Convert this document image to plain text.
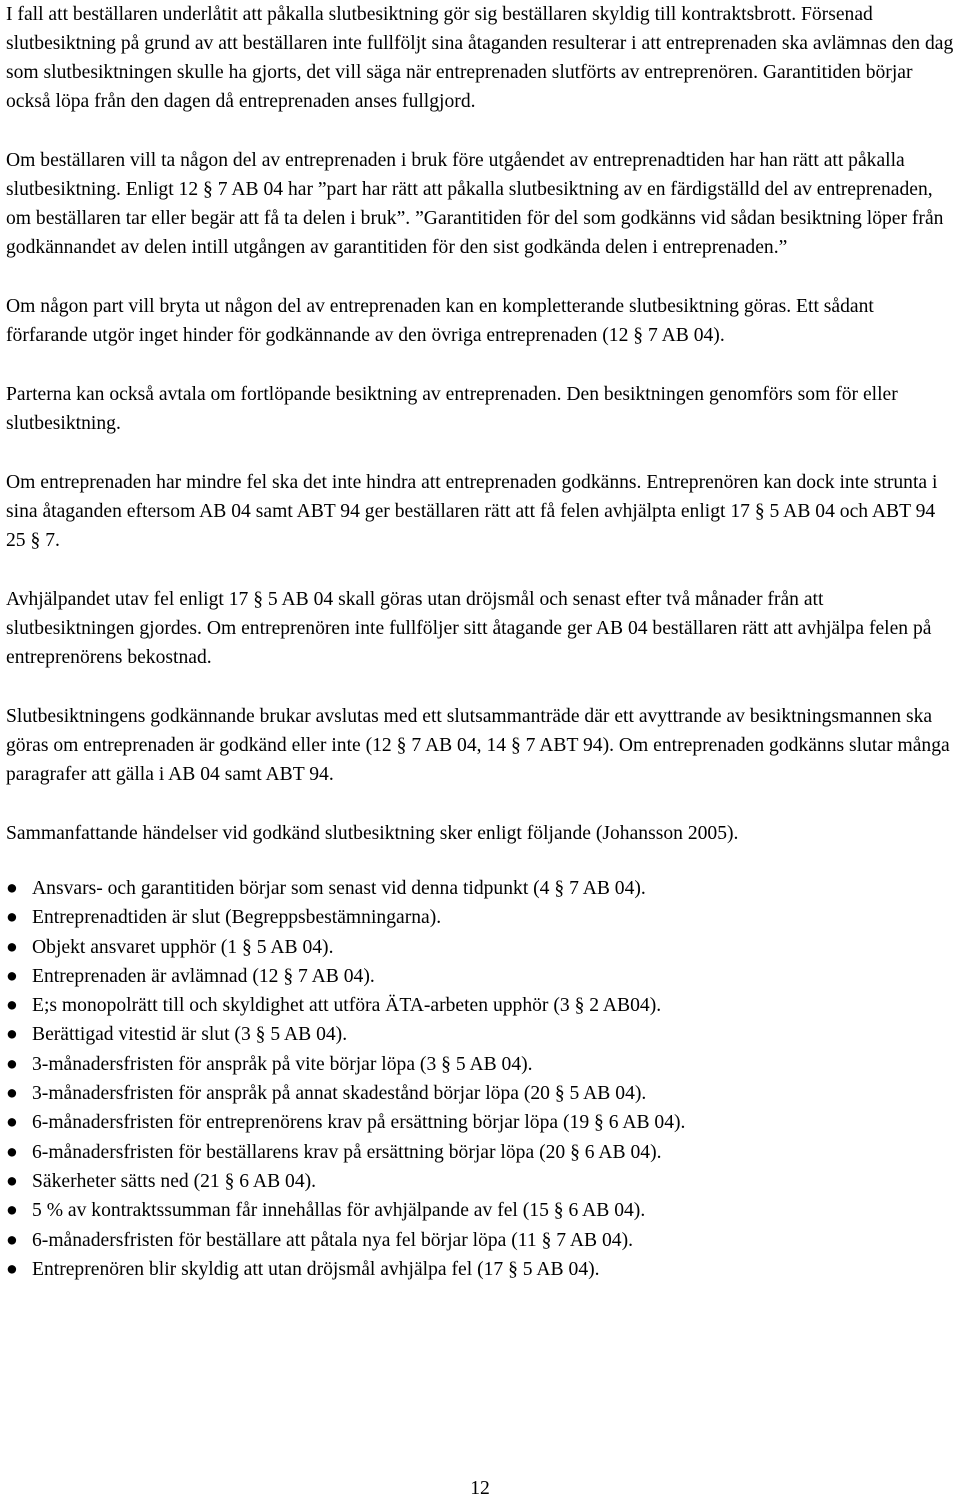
I fall att beställaren underlåtit att påkalla slutbesiktning gör sig beställaren skyldig till kontraktsbrott. Försenad slutbesiktning på grund av att beställaren inte fullföljt sina åtaganden resulterar i att entreprenaden ska avlämnas den dag som slutbesiktningen skulle ha gjorts, det vill säga när entreprenaden slutförts av entreprenören. Garantitiden börjar också löpa från den dagen då entreprenaden anses fullgjord.

Om beställaren vill ta någon del av entreprenaden i bruk före utgåendet av entreprenadtiden har han rätt att påkalla slutbesiktning. Enligt 12 § 7 AB 04 har ”part har rätt att påkalla slutbesiktning av en färdigställd del av entreprenaden, om beställaren tar eller begär att få ta delen i bruk”. ”Garantitiden för del som godkänns vid sådan besiktning löper från godkännandet av delen intill utgången av garantitiden för den sist godkända delen i entreprenaden.”

Om någon part vill bryta ut någon del av entreprenaden kan en kompletterande slutbesiktning göras. Ett sådant förfarande utgör inget hinder för godkännande av den övriga entreprenaden (12 § 7 AB 04).

Parterna kan också avtala om fortlöpande besiktning av entreprenaden. Den besiktningen genomförs som för eller slutbesiktning.

Om entreprenaden har mindre fel ska det inte hindra att entreprenaden godkänns. Entreprenören kan dock inte strunta i sina åtaganden eftersom AB 04 samt ABT 94 ger beställaren rätt att få felen avhjälpta enligt 17 § 5 AB 04 och ABT 94 25 § 7.

Avhjälpandet utav fel enligt 17 § 5 AB 04 skall göras utan dröjsmål och senast efter två månader från att slutbesiktningen gjordes. Om entreprenören inte fullföljer sitt åtagande ger AB 04 beställaren rätt att avhjälpa felen på entreprenörens bekostnad.

Slutbesiktningens godkännande brukar avslutas med ett slutsammanträde där ett avyttrande av besiktningsmannen ska göras om entreprenaden är godkänd eller inte (12 § 7 AB 04, 14 § 7 ABT 94). Om entreprenaden godkänns slutar många paragrafer att gälla i AB 04 samt ABT 94.

Sammanfattande händelser vid godkänd slutbesiktning sker enligt följande (Johansson 2005).

● Ansvars- och garantitiden börjar som senast vid denna tidpunkt (4 § 7 AB 04).
● Entreprenadtiden är slut (Begreppsbestämningarna).
● Objekt ansvaret upphör (1 § 5 AB 04).
● Entreprenaden är avlämnad (12 § 7 AB 04).
● E;s monopolrätt till och skyldighet att utföra ÄTA-arbeten upphör (3 § 2 AB04).
● Berättigad vitestid är slut (3 § 5 AB 04).
● 3-månadersfristen för anspråk på vite börjar löpa (3 § 5 AB 04).
● 3-månadersfristen för anspråk på annat skadestånd börjar löpa (20 § 5 AB 04).
● 6-månadersfristen för entreprenörens krav på ersättning börjar löpa (19 § 6 AB 04).
● 6-månadersfristen för beställarens krav på ersättning börjar löpa (20 § 6 AB 04).
● Säkerheter sätts ned (21 § 6 AB 04).
● 5 % av kontraktssumman får innehållas för avhjälpande av fel (15 § 6 AB 04).
● 6-månadersfristen för beställare att påtala nya fel börjar löpa (11 § 7 AB 04).
● Entreprenören blir skyldig att utan dröjsmål avhjälpa fel (17 § 5 AB 04).
12
